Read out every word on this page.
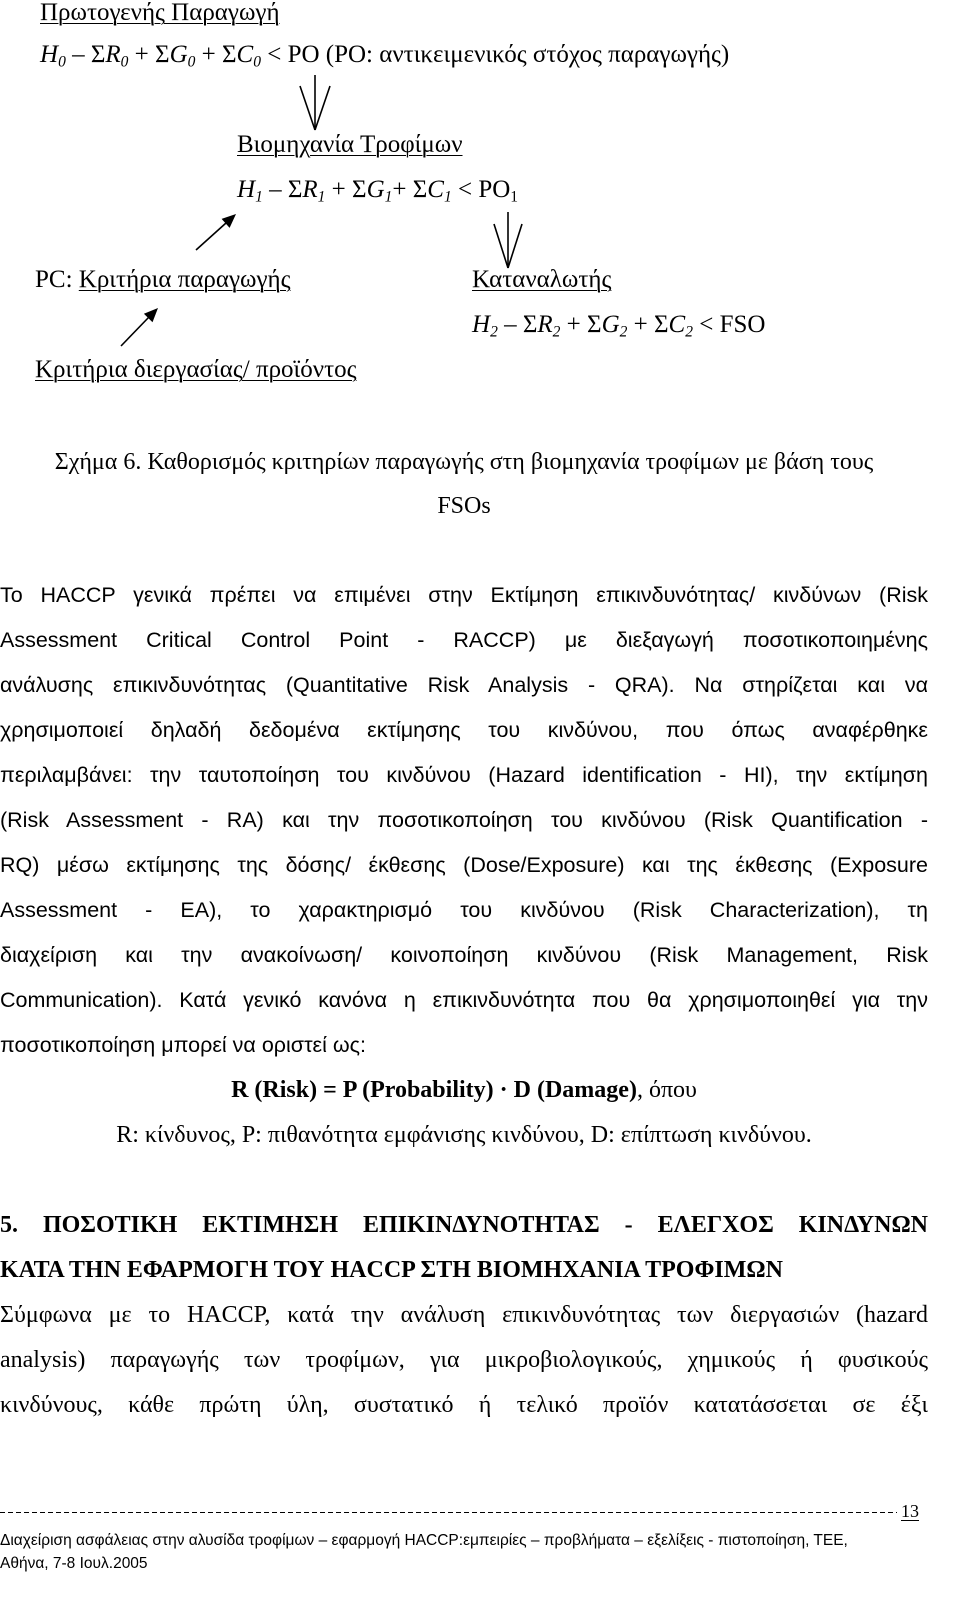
Πρωτογενής Παραγωγή
$H_0 - \Sigma R_0 + \Sigma G_0 + \Sigma C_0$ < PO (PO: αντικειμενικός στόχος παραγωγής)
Βιομηχανία Τροφίμων
$H_1 - \Sigma R_1 + \Sigma G_1+ \Sigma C_1 < PO_1$
PC: Κριτήρια παραγωγής	Καταναλωτής
$H_2 - \Sigma R_2 + \Sigma G_2 + \Sigma C_2$ < FSO
Κριτήρια διεργασίας/ προϊόντος
Σχήμα 6. Καθορισμός κριτηρίων παραγωγής στη βιομηχανία τροφίμων με βάση τους
FSOs
Το HACCP γενικά πρέπει να επιμένει στην Εκτίμηση επικινδυνότητας/ κινδύνων (Risk
Assessment Critical Control Point - RACCP) με διεξαγωγή ποσοτικοποιημένης
ανάλυσης επικινδυνότητας (Quantitative Risk Analysis - QRA). Να στηρίζεται και να
χρησιμοποιεί δηλαδή δεδομένα εκτίμησης του κινδύνου, που όπως αναφέρθηκε
περιλαμβάνει: την ταυτοποίηση του κινδύνου (Hazard identification - HI), την εκτίμηση
(Risk Assessment - RA) και την ποσοτικοποίηση του κινδύνου (Risk Quantification -
RQ) μέσω εκτίμησης της δόσης/ έκθεσης (Dose/Exposure) και της έκθεσης (Exposure
Assessment - EA), το χαρακτηρισμό του κινδύνου (Risk Characterization), τη
διαχείριση και την ανακοίνωση/ κοινοποίηση κινδύνου (Risk Management, Risk
Communication). Κατά γενικό κανόνα η επικινδυνότητα που θα χρησιμοποιηθεί για την
ποσοτικοποίηση μπορεί να οριστεί ως:
R (Risk) = P (Probability) · D (Damage), όπου
R: κίνδυνος, P: πιθανότητα εμφάνισης κινδύνου, D: επίπτωση κινδύνου.
5. ΠΟΣΟΤΙΚΗ ΕΚΤΙΜΗΣΗ ΕΠΙΚΙΝΔΥΝΟΤΗΤΑΣ - ΕΛΕΓΧΟΣ ΚΙΝΔΥΝΩΝ
ΚΑΤΑ ΤΗΝ ΕΦΑΡΜΟΓΗ ΤΟΥ HACCP ΣΤΗ ΒΙΟΜΗΧΑΝΙΑ ΤΡΟΦΙΜΩΝ
Σύμφωνα με το HACCP, κατά την ανάλυση επικινδυνότητας των διεργασιών (hazard
analysis) παραγωγής των τροφίμων, για μικροβιολογικούς, χημικούς ή φυσικούς
κινδύνους, κάθε πρώτη ύλη, συστατικό ή τελικό προϊόν κατατάσσεται σε έξι
13
Διαχείριση ασφάλειας στην αλυσίδα τροφίμων – εφαρμογή HACCP:εμπειρίες – προβλήματα – εξελίξεις - πιστοποίηση, ΤΕΕ,
Αθήνα, 7-8 Ιουλ.2005
